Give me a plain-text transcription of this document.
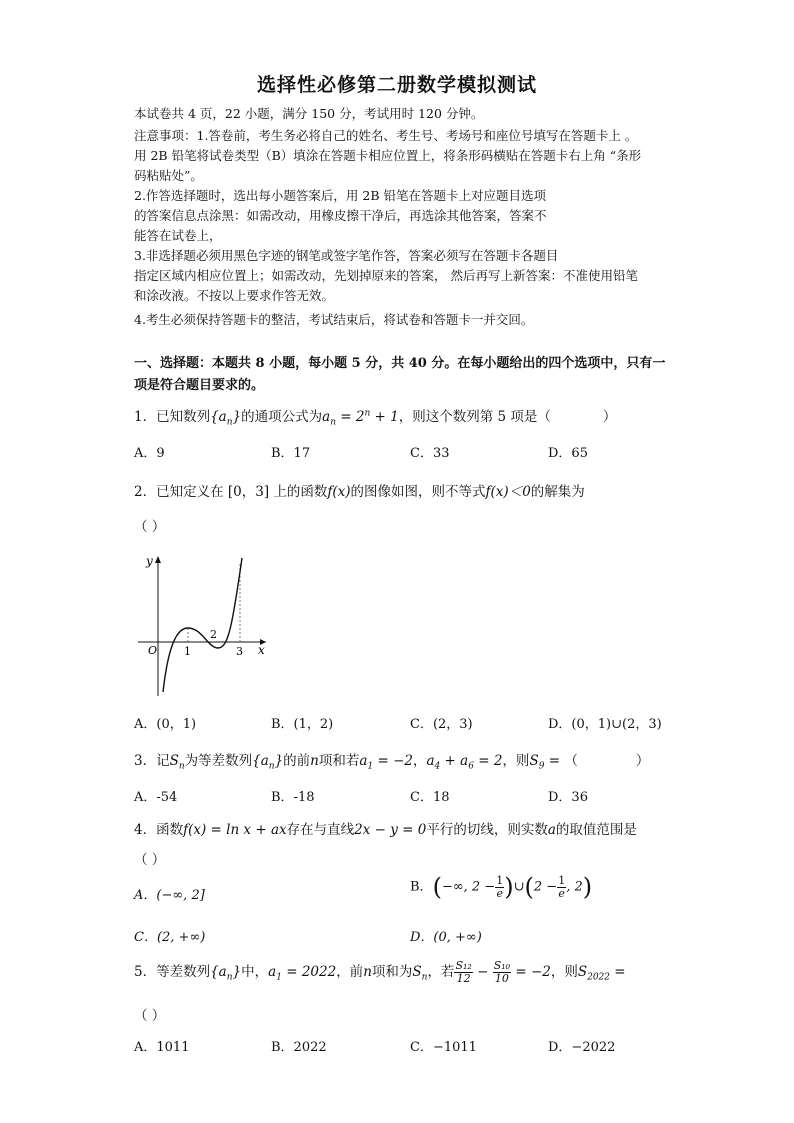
选择性必修第二册数学模拟测试
本试卷共 4 页，22 小题，满分 150 分，考试用时 120 分钟。
注意事项：1.答卷前，考生务必将自己的姓名、考生号、考场号和座位号填写在答题卡上 。
用 2B 铅笔将试卷类型（B）填涂在答题卡相应位置上，将条形码横贴在答题卡右上角 “条形
码粘贴处”。
2.作答选择题时，选出每小题答案后，用 2B 铅笔在答题卡上对应题目选项
的答案信息点涂黑：如需改动，用橡皮擦干净后，再选涂其他答案，答案不
能答在试卷上，
3.非选择题必须用黑色字迹的钢笔或签字笔作答，答案必须写在答题卡各题目
指定区域内相应位置上；如需改动，先划掉原来的答案， 然后再写上新答案：不准使用铅笔
和涂改液。不按以上要求作答无效。
4.考生必须保持答题卡的整洁，考试结束后，将试卷和答题卡一并交回。
一、选择题：本题共 8 小题，每小题 5 分，共 40 分。在每小题给出的四个选项中，只有一
项是符合题目要求的。
1．已知数列$\{a_n\}$的通项公式为$a_n = 2^n + 1$，则这个数列第 5 项是（	）
A．9	B．17	C．33	D．65
2．已知定义在 [0，3] 上的函数f(x)的图像如图，则不等式f(x)＜0的解集为
（ ）
y
x
O 1
2
3
A．(0，1)	B．(1，2)	C．(2，3)	D．(0，1)∪(2，3)
3．记$S_n$为等差数列$\{a_n\}$的前n项和若$a_1 = -2$，$a_4 + a_6 = 2$，则$S_9$ = （	）
A．-54	B．-18	C．18	D．36
4．函数f(x) = ln x + ax存在与直线2x − y = 0平行的切线，则实数a的取值范围是
（ ）
A．(−∞, 2]
B．(−∞, $2 - \frac{1}{e}$ )∪(2 − $\frac{1}{e}$ , 2)
C．(2, +∞)	D．(0, +∞)
5．等差数列$\{a_n\}$中，$a_1 = 2022$，前n项和为$S_n$，若 $\frac{\text{S₁₂}}{12} - \frac{\text{S₁₀}}{10} = -2$，则$S_{2022}$ =
（ ）
A．1011	B．2022	C．−1011	D．−2022
